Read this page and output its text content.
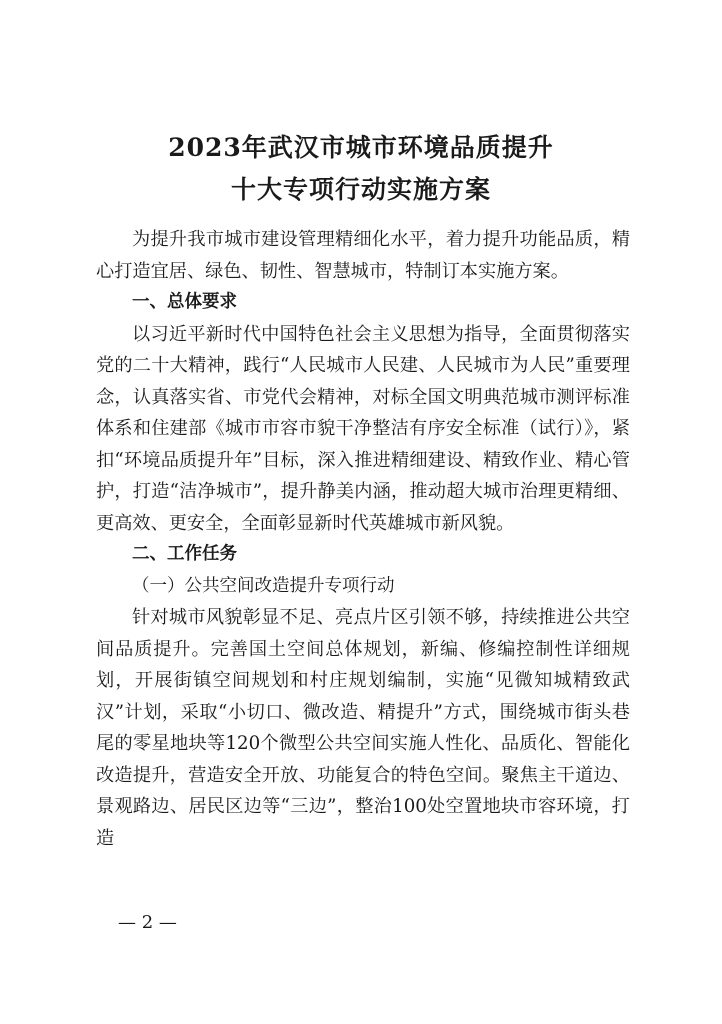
2023年武汉市城市环境品质提升
十大专项行动实施方案

为提升我市城市建设管理精细化水平，着力提升功能品质，精心打造宜居、绿色、韧性、智慧城市，特制订本实施方案。

一、总体要求

以习近平新时代中国特色社会主义思想为指导，全面贯彻落实党的二十大精神，践行“人民城市人民建、人民城市为人民”重要理念，认真落实省、市党代会精神，对标全国文明典范城市测评标准体系和住建部《城市市容市貌干净整洁有序安全标准（试行）》，紧扣“环境品质提升年”目标，深入推进精细建设、精致作业、精心管护，打造“洁净城市”，提升静美内涵，推动超大城市治理更精细、更高效、更安全，全面彰显新时代英雄城市新风貌。

二、工作任务

（一）公共空间改造提升专项行动

针对城市风貌彰显不足、亮点片区引领不够，持续推进公共空间品质提升。完善国土空间总体规划，新编、修编控制性详细规划，开展街镇空间规划和村庄规划编制，实施“见微知城精致武汉”计划，采取“小切口、微改造、精提升”方式，围绕城市街头巷尾的零星地块等120个微型公共空间实施人性化、品质化、智能化改造提升，营造安全开放、功能复合的特色空间。聚焦主干道边、景观路边、居民区边等“三边”，整治100处空置地块市容环境，打造

— 2 —
